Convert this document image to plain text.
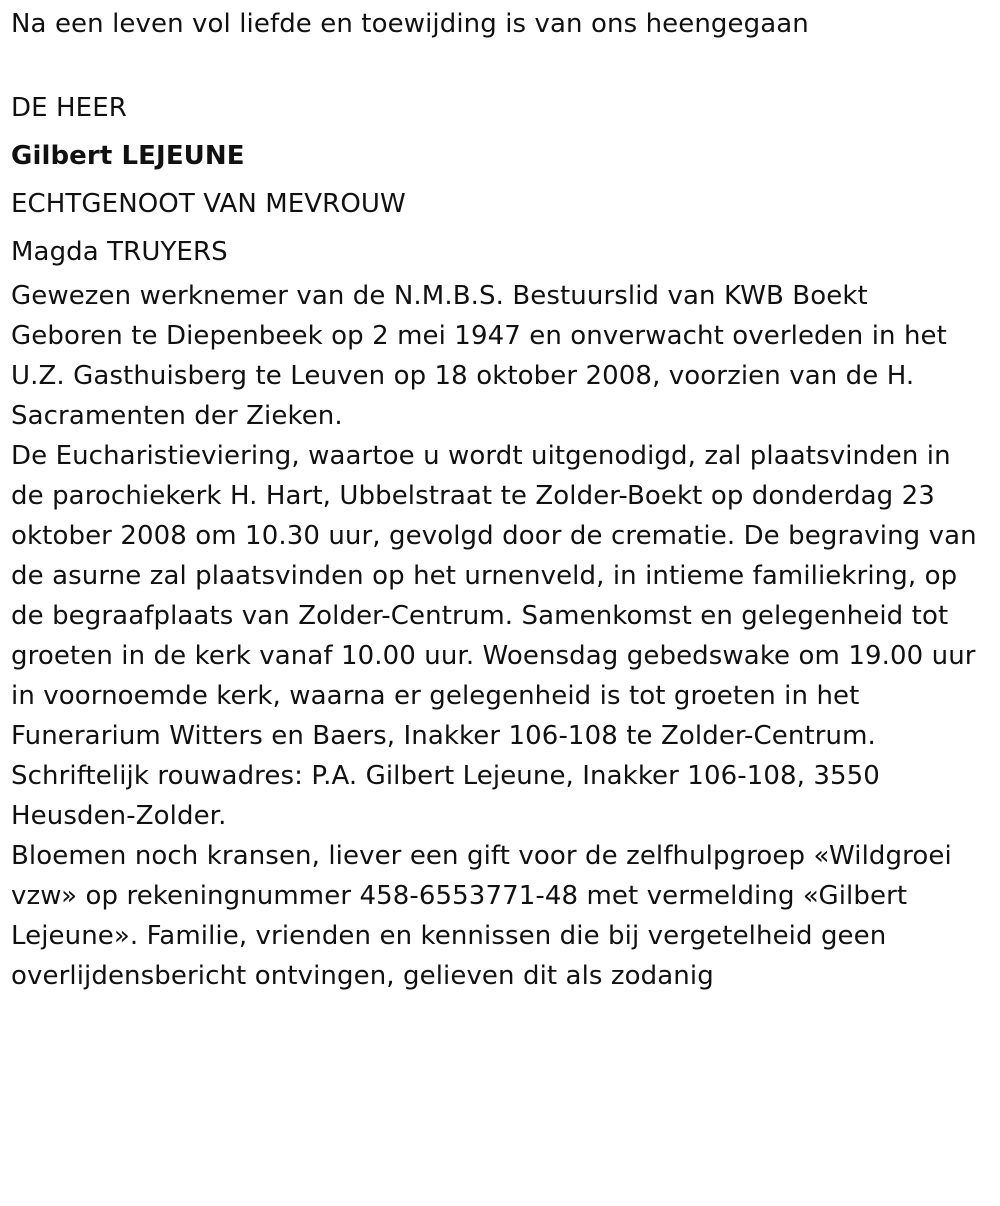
Na een leven vol liefde en toewijding is van ons heengegaan

DE HEER

Gilbert LEJEUNE

ECHTGENOOT VAN MEVROUW

Magda TRUYERS

Gewezen werknemer van de N.M.B.S. Bestuurslid van KWB Boekt

Geboren te Diepenbeek op 2 mei 1947 en onverwacht overleden in het U.Z. Gasthuisberg te Leuven op 18 oktober 2008, voorzien van de H. Sacramenten der Zieken.

De Eucharistieviering, waartoe u wordt uitgenodigd, zal plaatsvinden in de parochiekerk H. Hart, Ubbelstraat te Zolder-Boekt op donderdag 23 oktober 2008 om 10.30 uur, gevolgd door de crematie. De begraving van de asurne zal plaatsvinden op het urnenveld, in intieme familiekring, op de begraafplaats van Zolder-Centrum. Samenkomst en gelegenheid tot groeten in de kerk vanaf 10.00 uur. Woensdag gebedswake om 19.00 uur in voornoemde kerk, waarna er gelegenheid is tot groeten in het Funerarium Witters en Baers, Inakker 106-108 te Zolder-Centrum.

Schriftelijk rouwadres: P.A. Gilbert Lejeune, Inakker 106-108, 3550 Heusden-Zolder.

Bloemen noch kransen, liever een gift voor de zelfhulpgroep «Wildgroei vzw» op rekeningnummer 458-6553771-48 met vermelding «Gilbert Lejeune». Familie, vrienden en kennissen die bij vergetelheid geen overlijdensbericht ontvingen, gelieven dit als zodanig
